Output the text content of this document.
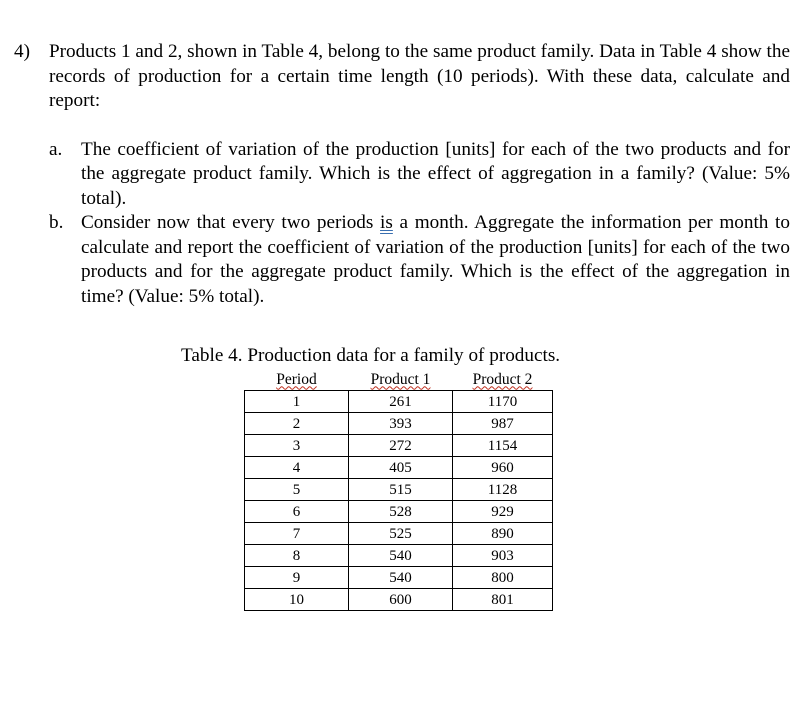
4) Products 1 and 2, shown in Table 4, belong to the same product family. Data in Table 4 show the records of production for a certain time length (10 periods). With these data, calculate and report:
a. The coefficient of variation of the production [units] for each of the two products and for the aggregate product family. Which is the effect of aggregation in a family? (Value: 5% total).
b. Consider now that every two periods is a month. Aggregate the information per month to calculate and report the coefficient of variation of the production [units] for each of the two products and for the aggregate product family. Which is the effect of the aggregation in time? (Value: 5% total).
Table 4. Production data for a family of products.
Period	Product 1	Product 2
1	261	1170
2	393	987
3	272	1154
4	405	960
5	515	1128
6	528	929
7	525	890
8	540	903
9	540	800
10	600	801
